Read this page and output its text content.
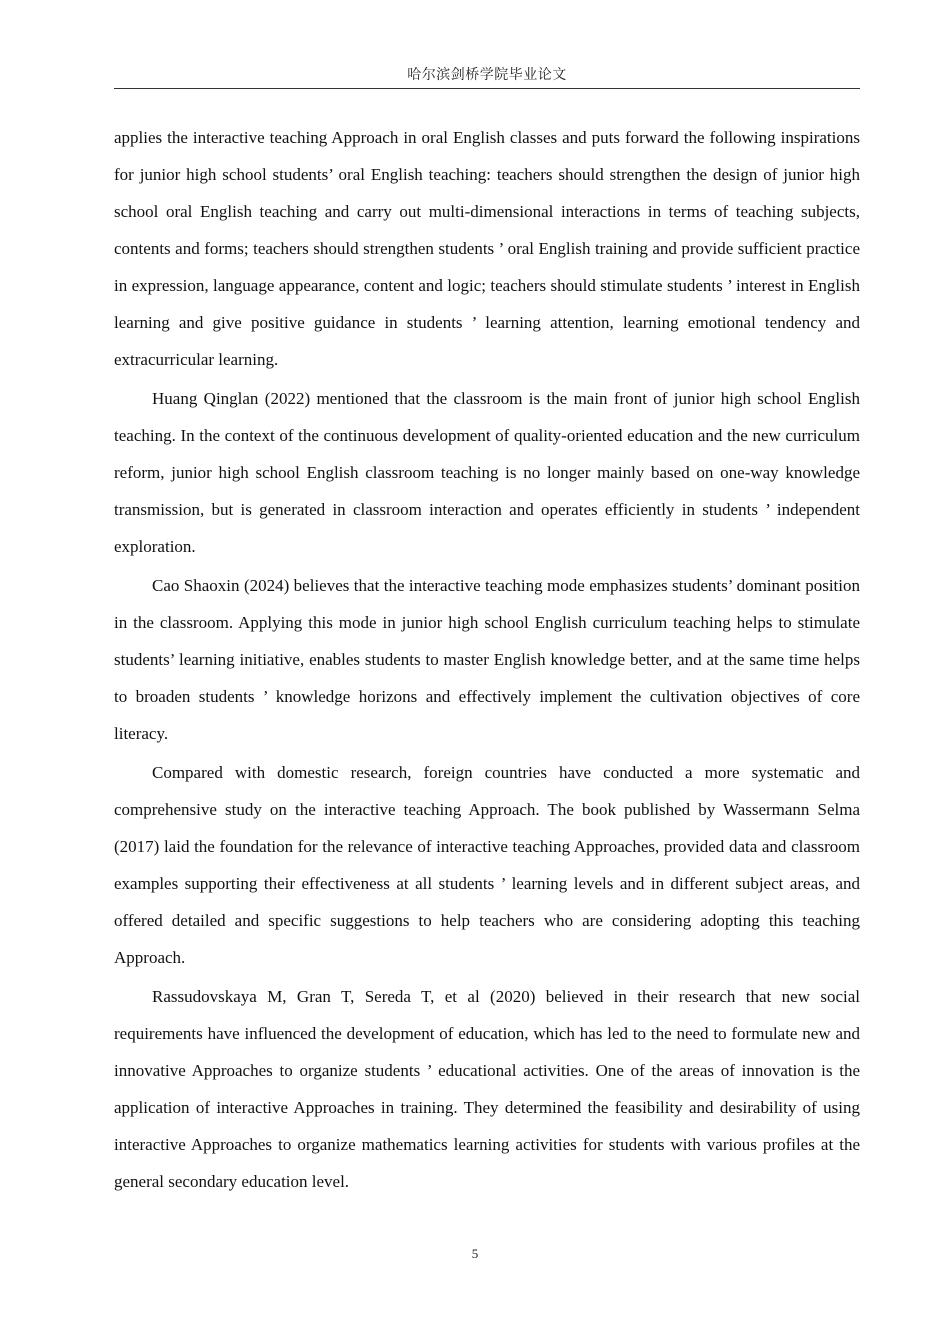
哈尔滨剑桥学院毕业论文

applies the interactive teaching Approach in oral English classes and puts forward the following inspirations for junior high school students’ oral English teaching: teachers should strengthen the design of junior high school oral English teaching and carry out multi-dimensional interactions in terms of teaching subjects, contents and forms; teachers should strengthen students ’ oral English training and provide sufficient practice in expression, language appearance, content and logic; teachers should stimulate students ’ interest in English learning and give positive guidance in students ’ learning attention, learning emotional tendency and extracurricular learning.

Huang Qinglan (2022) mentioned that the classroom is the main front of junior high school English teaching. In the context of the continuous development of quality-oriented education and the new curriculum reform, junior high school English classroom teaching is no longer mainly based on one-way knowledge transmission, but is generated in classroom interaction and operates efficiently in students ’ independent exploration.

Cao Shaoxin (2024) believes that the interactive teaching mode emphasizes students’ dominant position in the classroom. Applying this mode in junior high school English curriculum teaching helps to stimulate students’ learning initiative, enables students to master English knowledge better, and at the same time helps to broaden students ’ knowledge horizons and effectively implement the cultivation objectives of core literacy.

Compared with domestic research, foreign countries have conducted a more systematic and comprehensive study on the interactive teaching Approach. The book published by Wassermann Selma (2017) laid the foundation for the relevance of interactive teaching Approaches, provided data and classroom examples supporting their effectiveness at all students ’ learning levels and in different subject areas, and offered detailed and specific suggestions to help teachers who are considering adopting this teaching Approach.

Rassudovskaya M, Gran T, Sereda T, et al (2020) believed in their research that new social requirements have influenced the development of education, which has led to the need to formulate new and innovative Approaches to organize students ’ educational activities. One of the areas of innovation is the application of interactive Approaches in training. They determined the feasibility and desirability of using interactive Approaches to organize mathematics learning activities for students with various profiles at the general secondary education level.

5
